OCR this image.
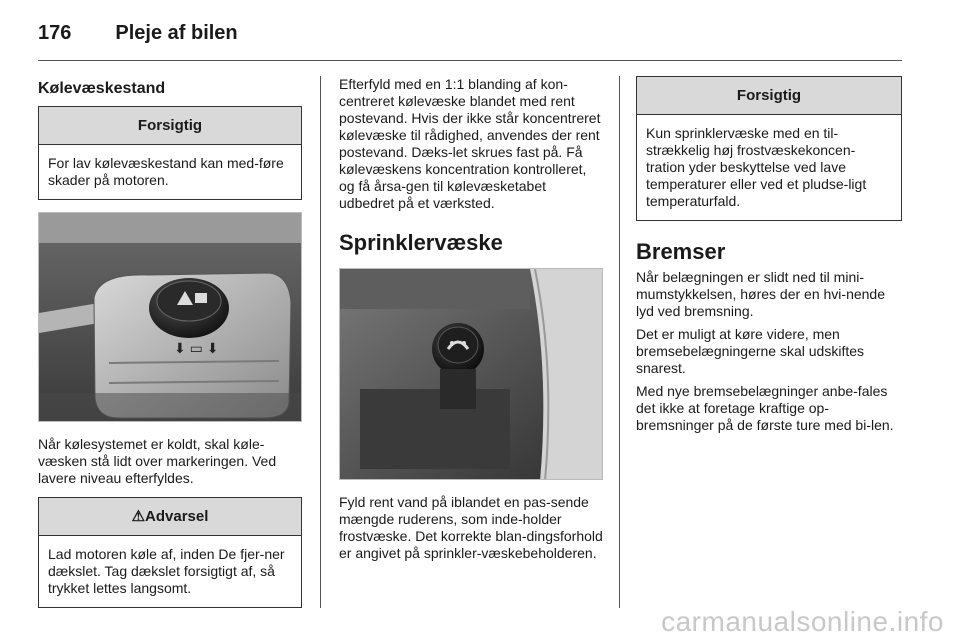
176 Pleje af bilen
Kølevæskestand
Forsigtig
For lav kølevæskestand kan med-føre skader på motoren.
⬇ ▭ ⬇

Når kølesystemet er koldt, skal køle-væsken stå lidt over markeringen. Ved lavere niveau efterfyldes.

⚠Advarsel
Lad motoren køle af, inden De fjer-ner dækslet. Tag dækslet forsigtigt af, så trykket lettes langsomt.

Efterfyld med en 1:1 blanding af kon-centreret kølevæske blandet med rent postevand. Hvis der ikke står koncentreret kølevæske til rådighed, anvendes der rent postevand. Dæks-let skrues fast på. Få kølevæskens koncentration kontrolleret, og få årsa-gen til kølevæsketabet udbedret på et værksted.

Sprinklervæske

Fyld rent vand på iblandet en pas-sende mængde ruderens, som inde-holder frostvæske. Det korrekte blan-dingsforhold er angivet på sprinkler-væskebeholderen.

Forsigtig
Kun sprinklervæske med en til-strækkelig høj frostvæskekoncen-tration yder beskyttelse ved lave temperaturer eller ved et pludse-ligt temperaturfald.
Bremser

Når belægningen er slidt ned til mini-mumstykkelsen, høres der en hvi-nende lyd ved bremsning.

Det er muligt at køre videre, men bremsebelægningerne skal udskiftes snarest.

Med nye bremsebelægninger anbe-fales det ikke at foretage kraftige op-bremsninger på de første ture med bi-len.

carmanualsonline.info
